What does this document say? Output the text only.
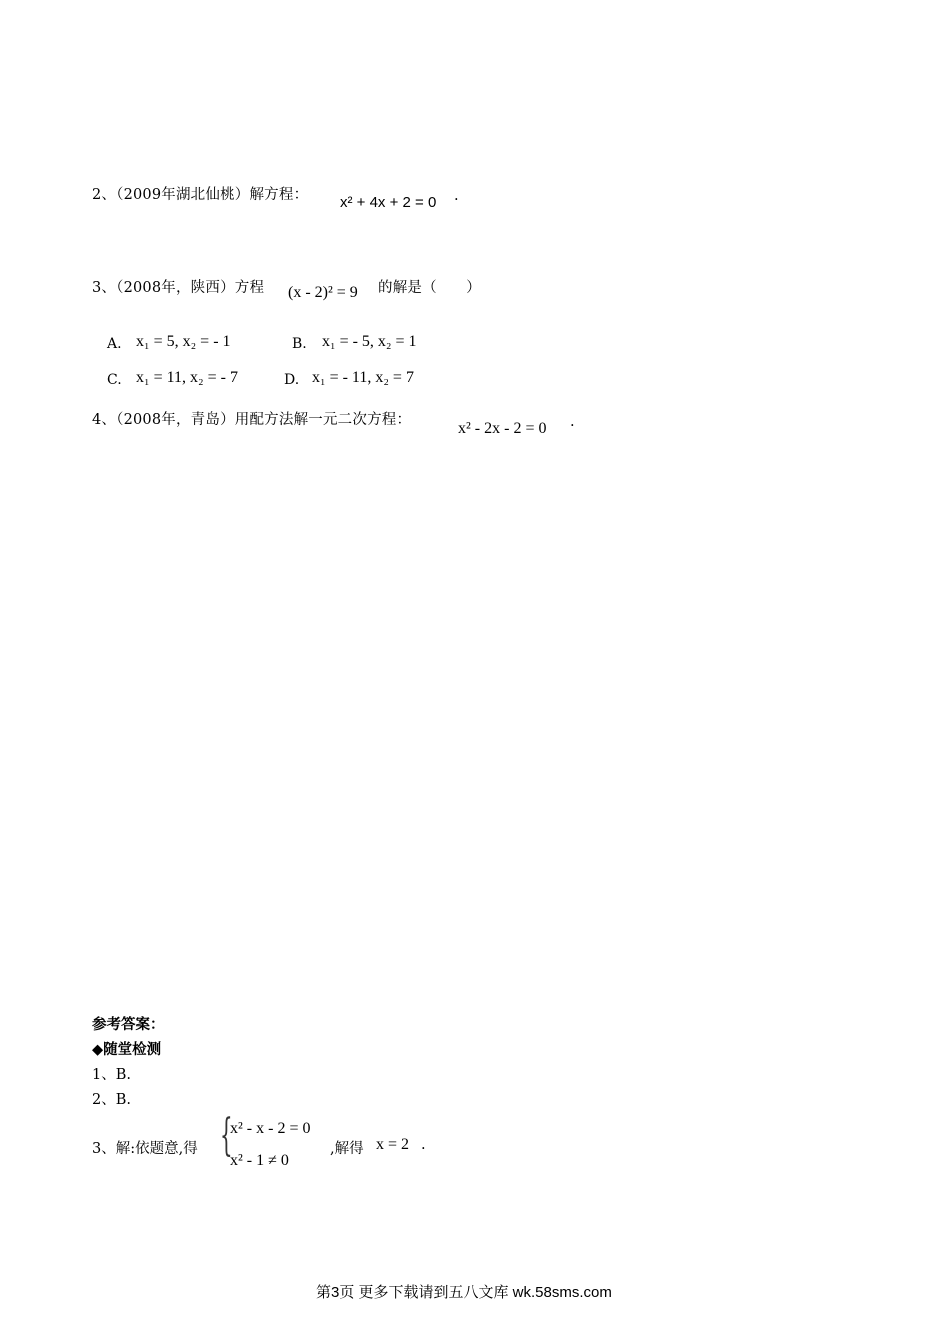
2、（2009年湖北仙桃）解方程： x² + 4x + 2 = 0 .
3、（2008年，陕西）方程 (x - 2)² = 9 的解是（　　）
A. x₁ = 5, x₂ = - 1	B. x₁ = - 5, x₂ = 1
C. x₁ = 11, x₂ = - 7	D. x₁ = - 11, x₂ = 7
4、（2008年，青岛）用配方法解一元二次方程：	x² - 2x - 2 = 0 .
参考答案：
◆随堂检测
1、B.
2、B.
3、解:依题意,得 {
x² - x - 2 = 0
x² - 1 ≠ 0
,解得 x = 2 .
第3页 更多下载请到五八文库 wk.58sms.com
